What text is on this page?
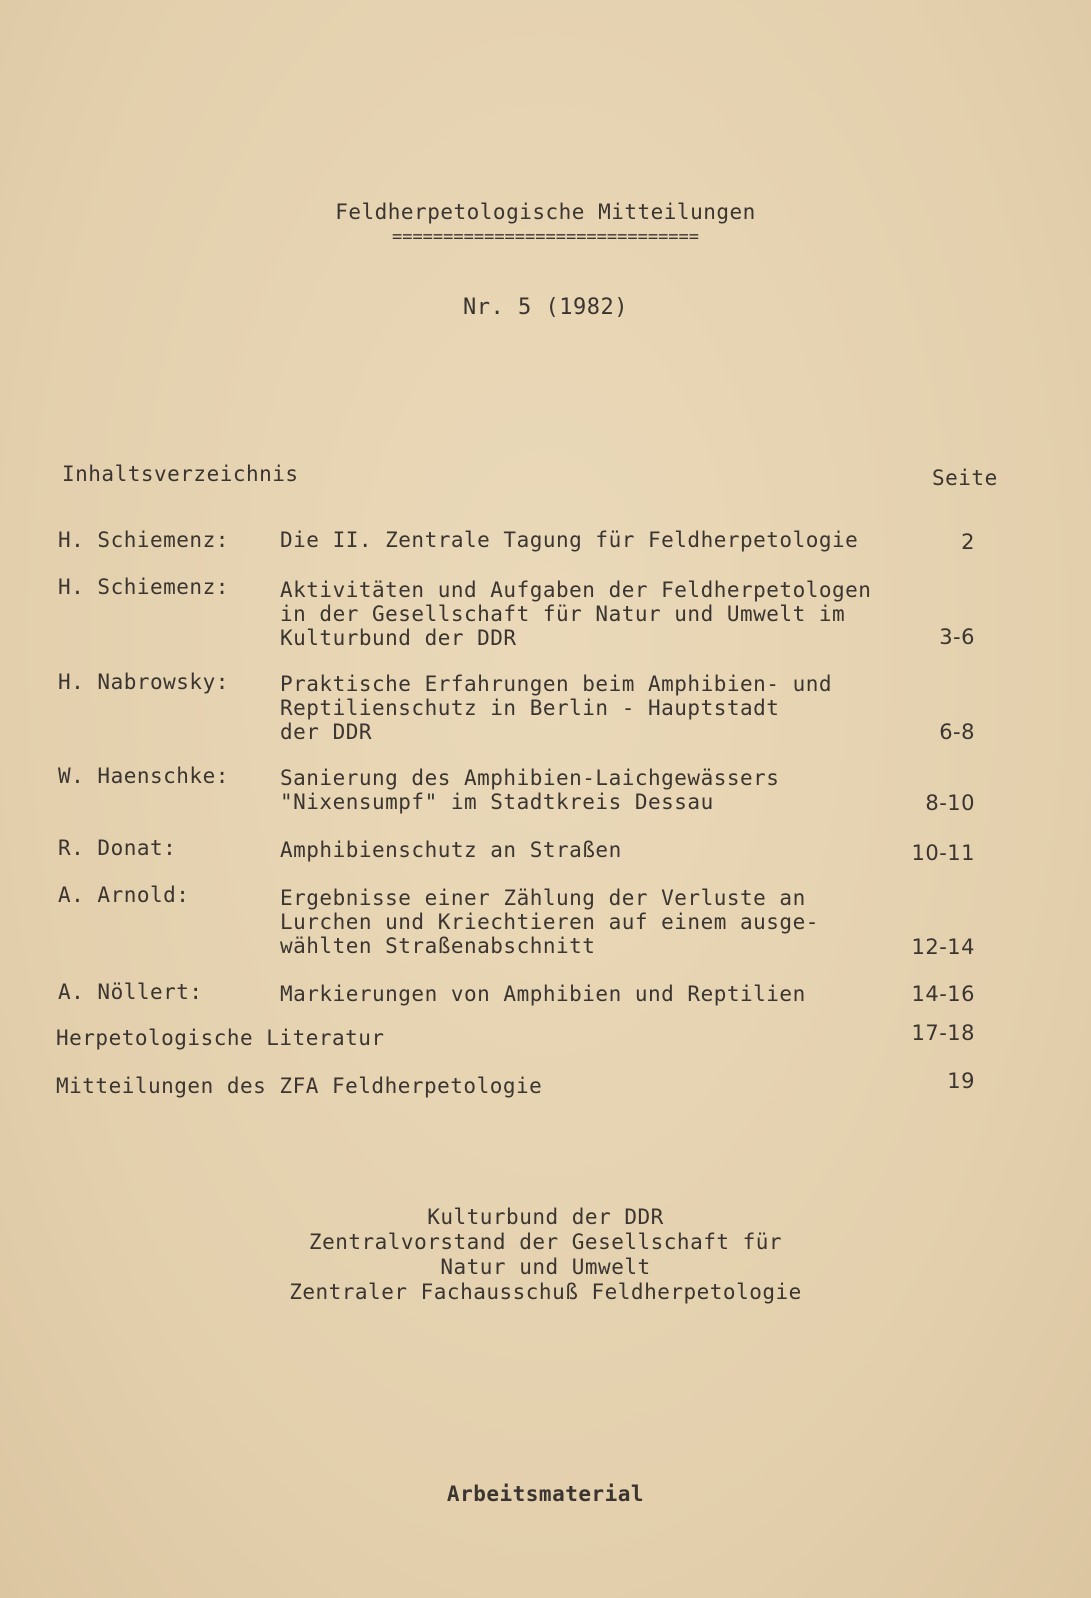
Feldherpetologische Mitteilungen
==============================
Nr. 5 (1982)
Inhaltsverzeichnis	Seite
H. Schiemenz: Die II. Zentrale Tagung für Feldherpetologie	2
H. Schiemenz: Aktivitäten und Aufgaben der Feldherpetologen
in der Gesellschaft für Natur und Umwelt im
Kulturbund der DDR	3-6
H. Nabrowsky: Praktische Erfahrungen beim Amphibien- und
Reptilienschutz in Berlin - Hauptstadt
der DDR	6-8
W. Haenschke: Sanierung des Amphibien-Laichgewässers
"Nixensumpf" im Stadtkreis Dessau	8-10
R. Donat:	Amphibienschutz an Straßen	10-11
A. Arnold:	Ergebnisse einer Zählung der Verluste an
Lurchen und Kriechtieren auf einem ausge-
wählten Straßenabschnitt	12-14
A. Nöllert:	Markierungen von Amphibien und Reptilien	14-16
Herpetologische Literatur	17-18
Mitteilungen des ZFA Feldherpetologie	19
Kulturbund der DDR
Zentralvorstand der Gesellschaft für
Natur und Umwelt
Zentraler Fachausschuß Feldherpetologie
Arbeitsmaterial
